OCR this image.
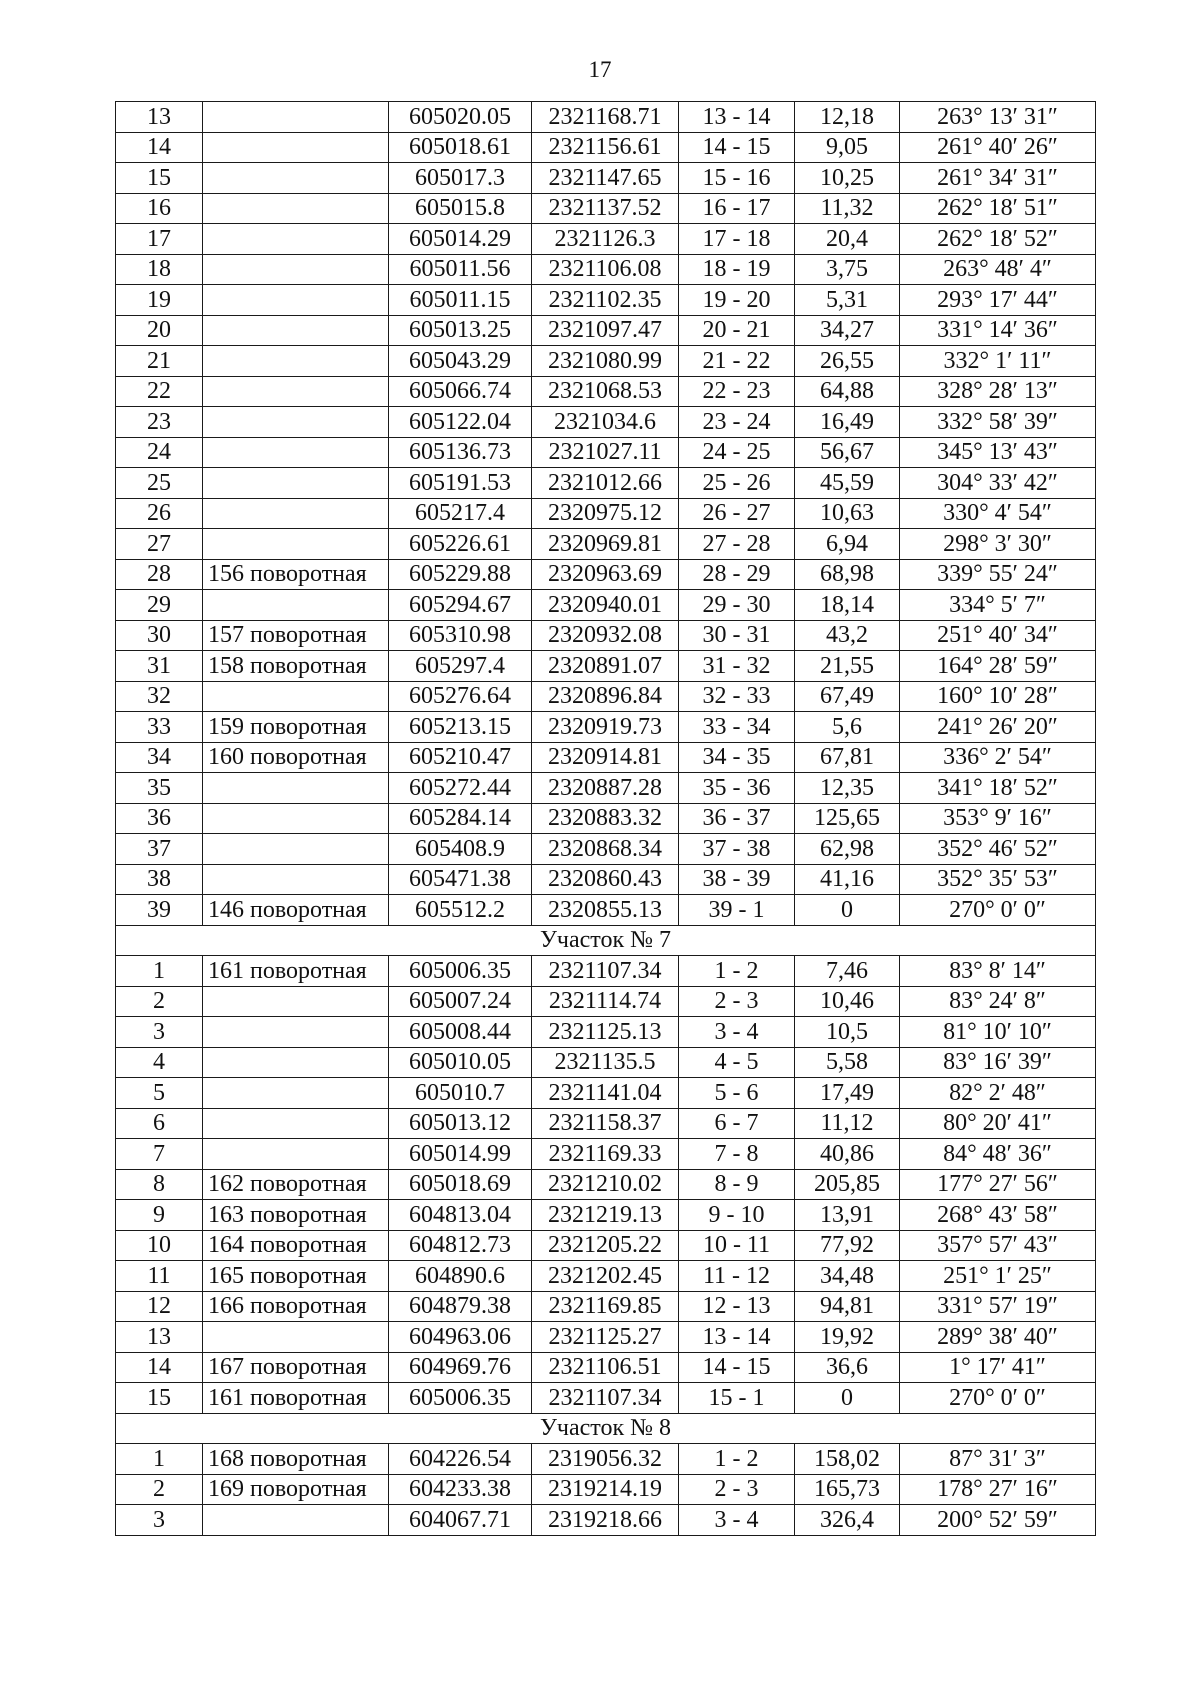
17
13		605020.05	2321168.71	13 - 14	12,18	263° 13′ 31″
14		605018.61	2321156.61	14 - 15	9,05	261° 40′ 26″
15		605017.3	2321147.65	15 - 16	10,25	261° 34′ 31″
16		605015.8	2321137.52	16 - 17	11,32	262° 18′ 51″
17		605014.29	2321126.3	17 - 18	20,4	262° 18′ 52″
18		605011.56	2321106.08	18 - 19	3,75	263° 48′ 4″
19		605011.15	2321102.35	19 - 20	5,31	293° 17′ 44″
20		605013.25	2321097.47	20 - 21	34,27	331° 14′ 36″
21		605043.29	2321080.99	21 - 22	26,55	332° 1′ 11″
22		605066.74	2321068.53	22 - 23	64,88	328° 28′ 13″
23		605122.04	2321034.6	23 - 24	16,49	332° 58′ 39″
24		605136.73	2321027.11	24 - 25	56,67	345° 13′ 43″
25		605191.53	2321012.66	25 - 26	45,59	304° 33′ 42″
26		605217.4	2320975.12	26 - 27	10,63	330° 4′ 54″
27		605226.61	2320969.81	27 - 28	6,94	298° 3′ 30″
28	156 поворотная	605229.88	2320963.69	28 - 29	68,98	339° 55′ 24″
29		605294.67	2320940.01	29 - 30	18,14	334° 5′ 7″
30	157 поворотная	605310.98	2320932.08	30 - 31	43,2	251° 40′ 34″
31	158 поворотная	605297.4	2320891.07	31 - 32	21,55	164° 28′ 59″
32		605276.64	2320896.84	32 - 33	67,49	160° 10′ 28″
33	159 поворотная	605213.15	2320919.73	33 - 34	5,6	241° 26′ 20″
34	160 поворотная	605210.47	2320914.81	34 - 35	67,81	336° 2′ 54″
35		605272.44	2320887.28	35 - 36	12,35	341° 18′ 52″
36		605284.14	2320883.32	36 - 37	125,65	353° 9′ 16″
37		605408.9	2320868.34	37 - 38	62,98	352° 46′ 52″
38		605471.38	2320860.43	38 - 39	41,16	352° 35′ 53″
39	146 поворотная	605512.2	2320855.13	39 - 1	0	270° 0′ 0″
Участок № 7						
1	161 поворотная	605006.35	2321107.34	1 - 2	7,46	83° 8′ 14″
2		605007.24	2321114.74	2 - 3	10,46	83° 24′ 8″
3		605008.44	2321125.13	3 - 4	10,5	81° 10′ 10″
4		605010.05	2321135.5	4 - 5	5,58	83° 16′ 39″
5		605010.7	2321141.04	5 - 6	17,49	82° 2′ 48″
6		605013.12	2321158.37	6 - 7	11,12	80° 20′ 41″
7		605014.99	2321169.33	7 - 8	40,86	84° 48′ 36″
8	162 поворотная	605018.69	2321210.02	8 - 9	205,85	177° 27′ 56″
9	163 поворотная	604813.04	2321219.13	9 - 10	13,91	268° 43′ 58″
10	164 поворотная	604812.73	2321205.22	10 - 11	77,92	357° 57′ 43″
11	165 поворотная	604890.6	2321202.45	11 - 12	34,48	251° 1′ 25″
12	166 поворотная	604879.38	2321169.85	12 - 13	94,81	331° 57′ 19″
13		604963.06	2321125.27	13 - 14	19,92	289° 38′ 40″
14	167 поворотная	604969.76	2321106.51	14 - 15	36,6	1° 17′ 41″
15	161 поворотная	605006.35	2321107.34	15 - 1	0	270° 0′ 0″
Участок № 8						
1	168 поворотная	604226.54	2319056.32	1 - 2	158,02	87° 31′ 3″
2	169 поворотная	604233.38	2319214.19	2 - 3	165,73	178° 27′ 16″
3		604067.71	2319218.66	3 - 4	326,4	200° 52′ 59″
